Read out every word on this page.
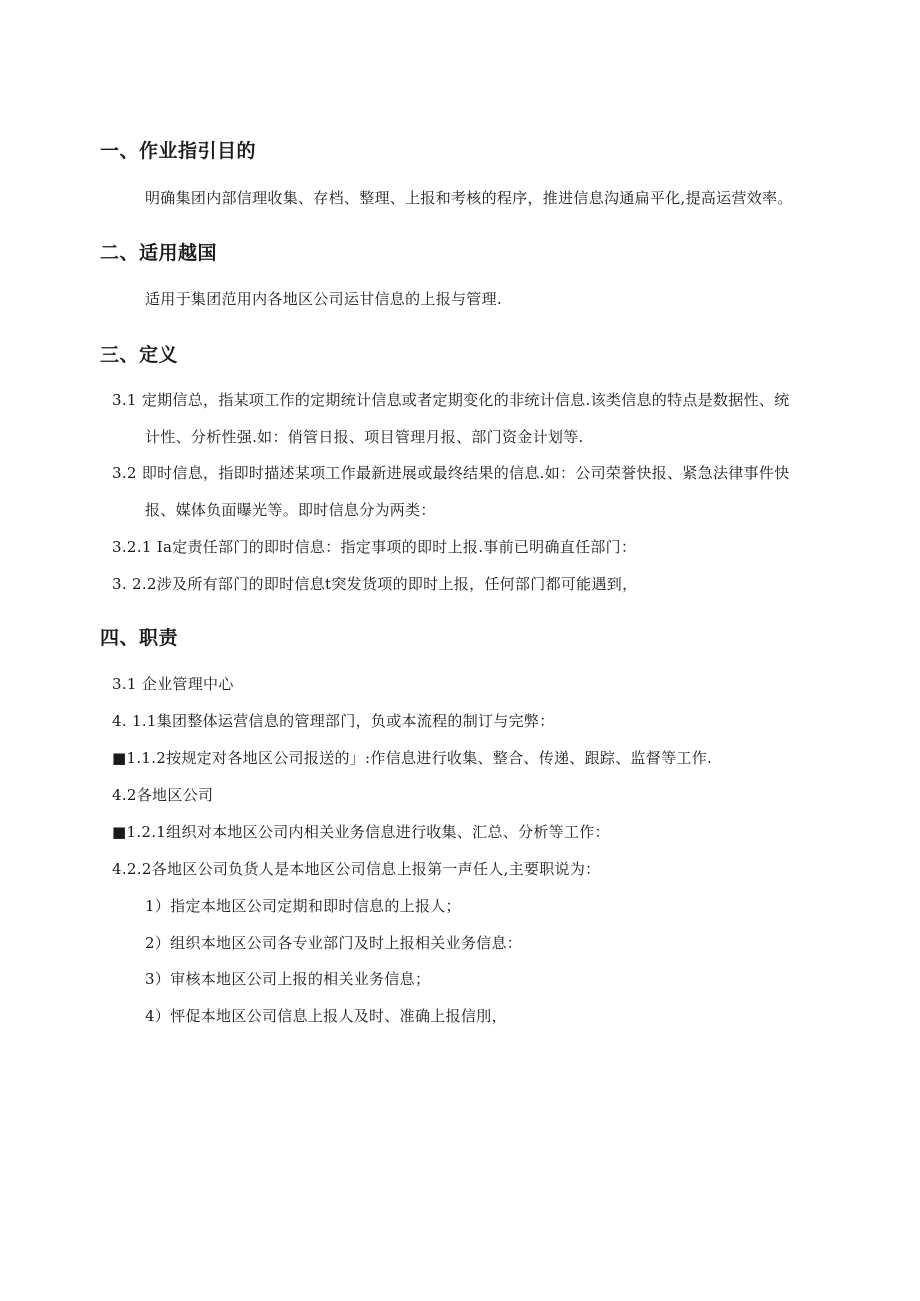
一、作业指引目的
明确集团内部信理收集、存档、整理、上报和考核的程序，推进信息沟通扁平化,提高运营效率。
二、适用越国
适用于集团范用内各地区公司运甘信息的上报与管理.
三、定义
3.1 定期信总，指某项工作的定期统计信息或者定期变化的非统计信息.该类信息的特点是数据性、统
计性、分析性强.如：俏管日报、项目管理月报、部门资金计划等.
3.2 即时信息，指即时描述某项工作最新进展或最终结果的信息.如：公司荣誉快报、紧急法律事件快
报、媒体负面曝光等。即时信息分为两类：
3.2.1 Ia定责任部门的即时信息：指定事项的即时上报.事前已明确直任部门：
3. 2.2涉及所有部门的即时信息t突发货项的即时上报，任何部门都可能遇到，
四、职责
3.1 企业管理中心
4. 1.1集团整体运营信息的管理部门，负或本流程的制订与完弊：
■1.1.2按规定对各地区公司报送的」:作信息进行收集、整合、传递、跟踪、监督等工作.
4.2各地区公司
■1.2.1组织对本地区公司内相关业务信息进行收集、汇总、分析等工作：
4.2.2各地区公司负货人是本地区公司信息上报第一声任人,主要职说为：
1）指定本地区公司定期和即时信息的上报人；
2）组织本地区公司各专业部门及时上报相关业务信息：
3）审核本地区公司上报的相关业务信息；
4）怦促本地区公司信息上报人及时、准确上报信刖，
